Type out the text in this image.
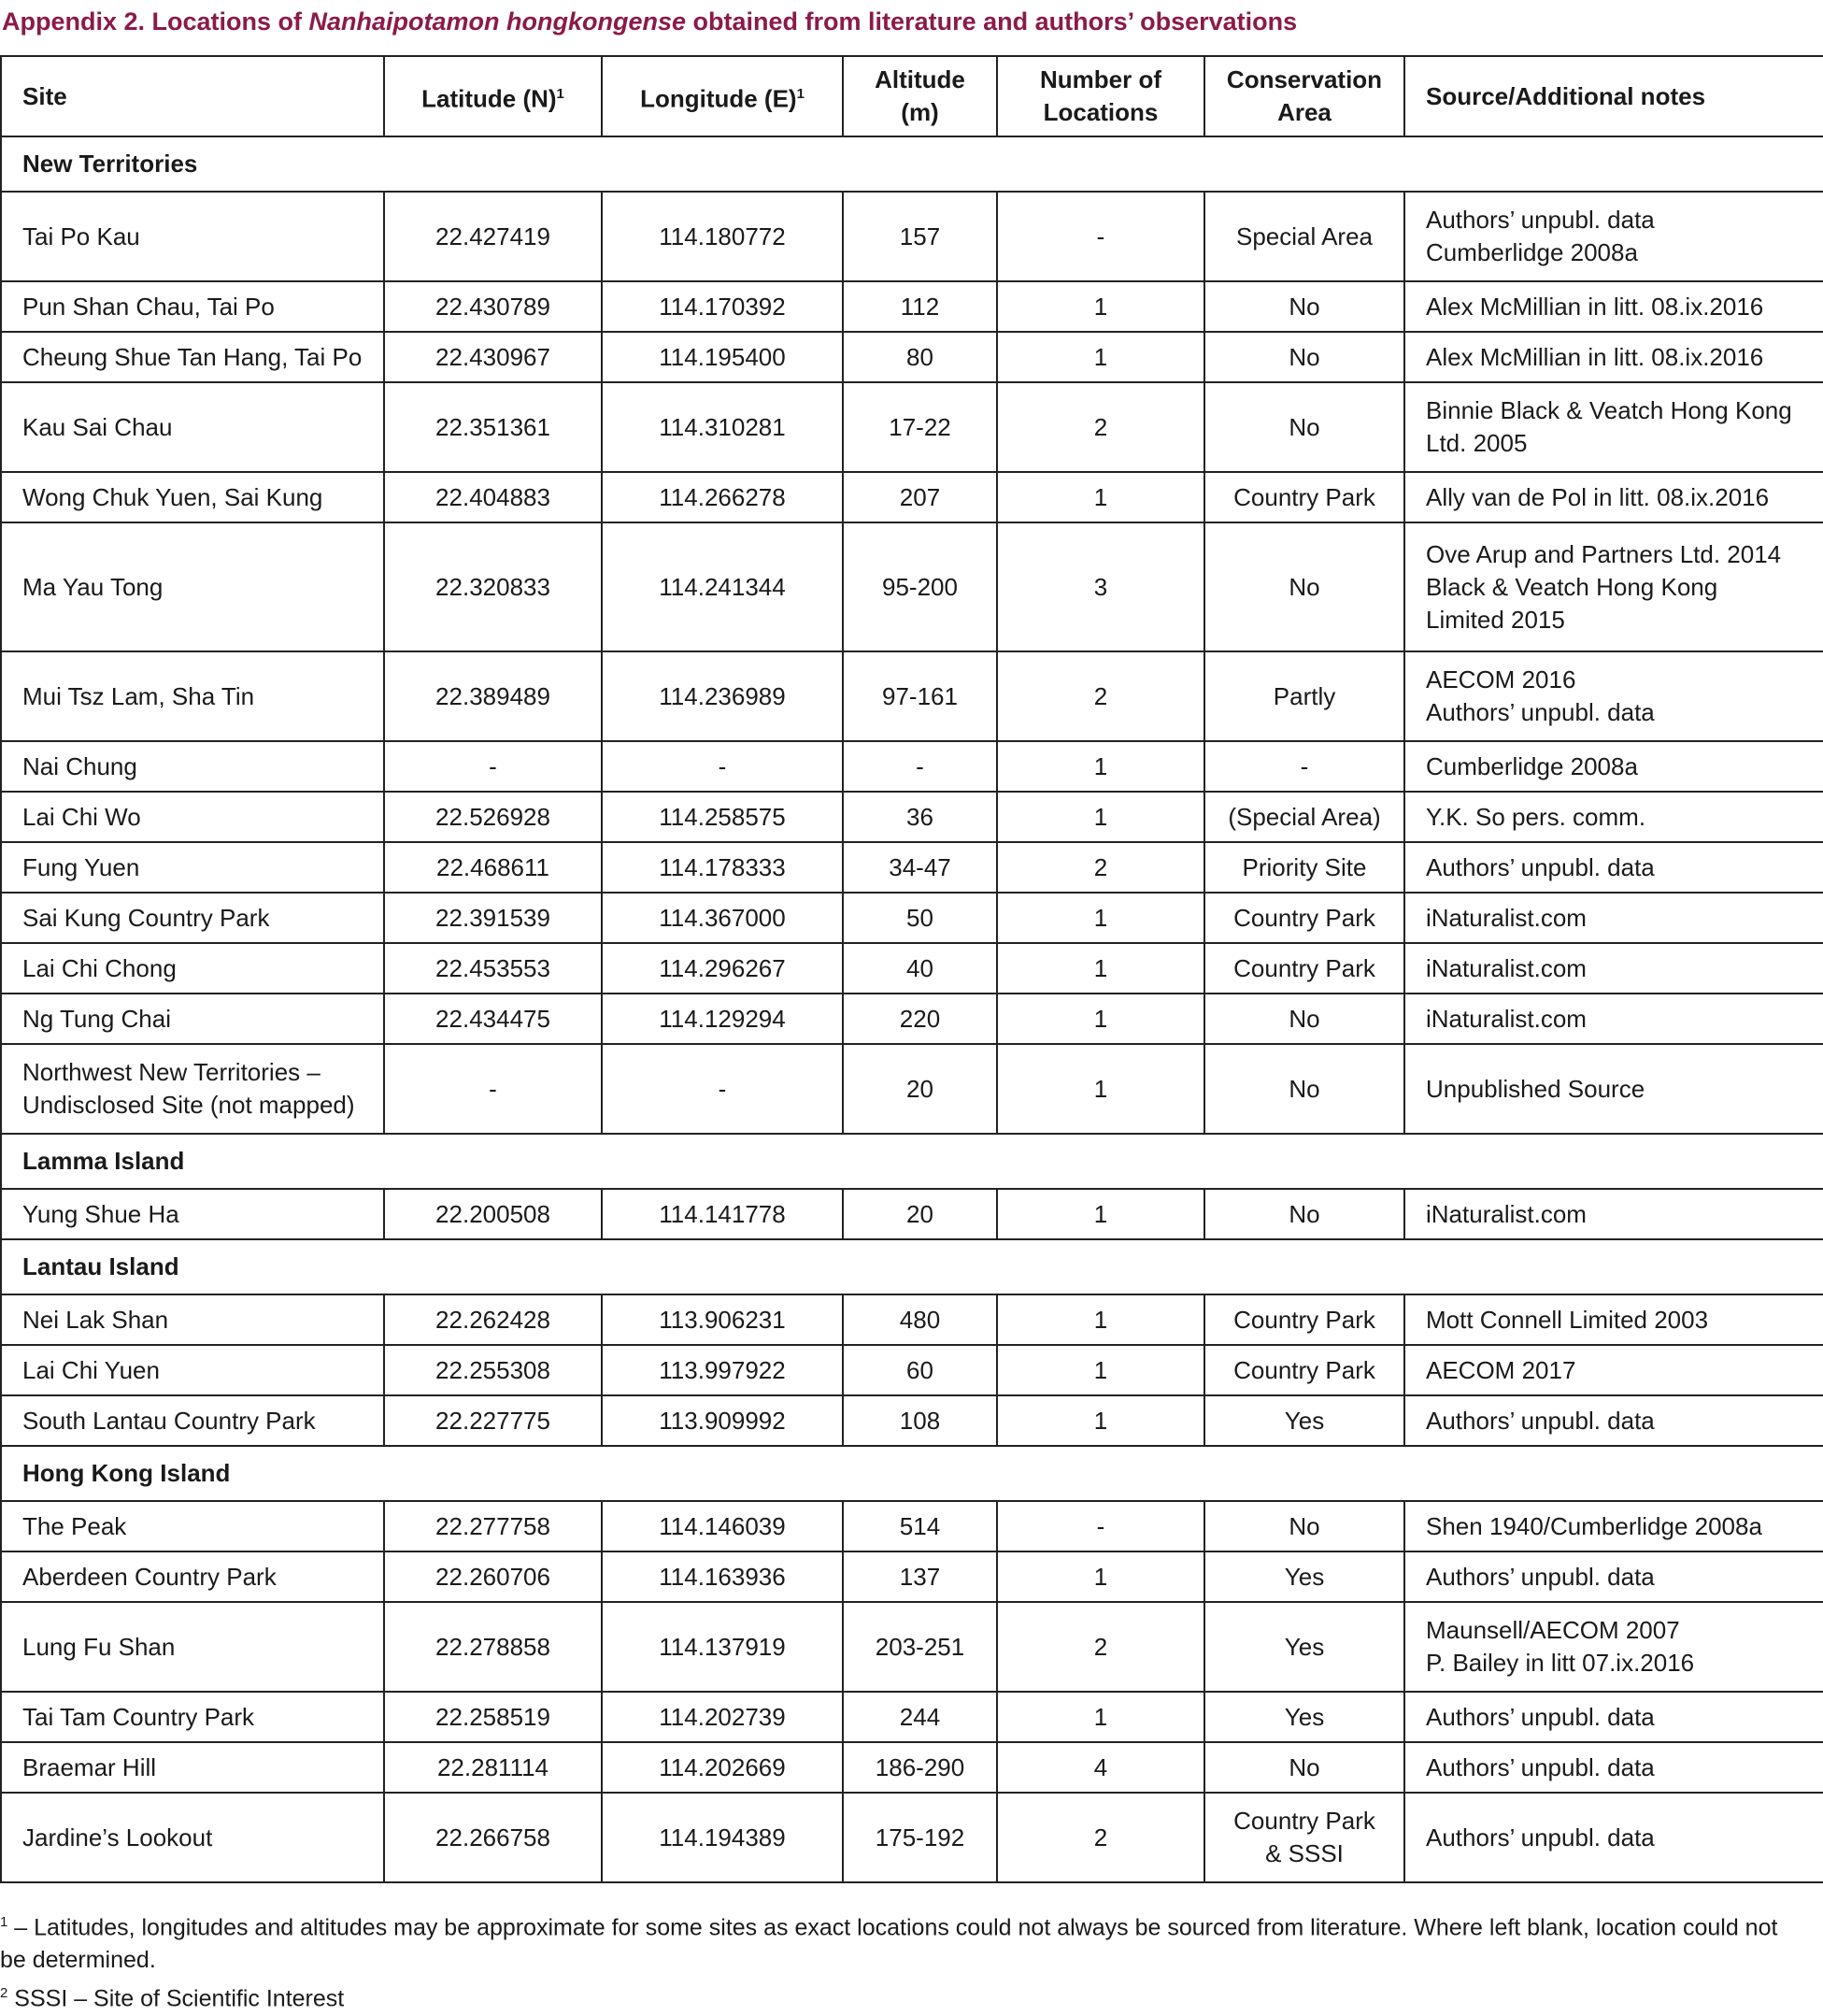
Appendix 2. Locations of Nanhaipotamon hongkongense obtained from literature and authors’ observations
Site	Latitude $(N)^1$	Longitude $(E)^1$	Altitude (m)	Number of Locations	Conservation Area	Source/Additional notes
New Territories						
Tai Po Kau	22.427419	114.180772	157	-	Special Area	Authors’ unpubl. data
Cumberlidge 2008a

Pun Shan Chau, Tai Po	22.430789	114.170392	112	1	No	Alex McMillian in litt. 08.ix.2016

Cheung Shue Tan Hang, Tai Po	22.430967	114.195400	80	1	No	Alex McMillian in litt. 08.ix.2016

Kau Sai Chau	22.351361	114.310281	17-22	2	No	Binnie Black & Veatch Hong Kong Ltd. 2005

Wong Chuk Yuen, Sai Kung	22.404883	114.266278	207	1	Country Park	Ally van de Pol in litt. 08.ix.2016

Ma Yau Tong	22.320833	114.241344	95-200	3	No	Ove Arup and Partners Ltd. 2014
Black & Veatch Hong Kong Limited 2015

Mui Tsz Lam, Sha Tin	22.389489	114.236989	97-161	2	Partly	AECOM 2016
Authors’ unpubl. data

Nai Chung	-	-	-	1	-	Cumberlidge 2008a

Lai Chi Wo	22.526928	114.258575	36	1	(Special Area)	Y.K. So pers. comm.

Fung Yuen	22.468611	114.178333	34-47	2	Priority Site	Authors’ unpubl. data

Sai Kung Country Park	22.391539	114.367000	50	1	Country Park	iNaturalist.com

Lai Chi Chong	22.453553	114.296267	40	1	Country Park	iNaturalist.com

Ng Tung Chai	22.434475	114.129294	220	1	No	iNaturalist.com

Northwest New Territories – Undisclosed Site (not mapped)	-	-	20	1	No	Unpublished Source

Lamma Island						
Yung Shue Ha	22.200508	114.141778	20	1	No	iNaturalist.com

Lantau Island						
Nei Lak Shan	22.262428	113.906231	480	1	Country Park	Mott Connell Limited 2003

Lai Chi Yuen	22.255308	113.997922	60	1	Country Park	AECOM 2017

South Lantau Country Park	22.227775	113.909992	108	1	Yes	Authors’ unpubl. data

Hong Kong Island						
The Peak	22.277758	114.146039	514	-	No	Shen 1940/Cumberlidge 2008a

Aberdeen Country Park	22.260706	114.163936	137	1	Yes	Authors’ unpubl. data

Lung Fu Shan	22.278858	114.137919	203-251	2	Yes	Maunsell/AECOM 2007
P. Bailey in litt 07.ix.2016

Tai Tam Country Park	22.258519	114.202739	244	1	Yes	Authors’ unpubl. data

Braemar Hill	22.281114	114.202669	186-290	4	No	Authors’ unpubl. data

Jardine’s Lookout	22.266758	114.194389	175-192	2	Country Park & SSSI	Authors’ unpubl. data
$^1$ – Latitudes, longitudes and altitudes may be approximate for some sites as exact locations could not always be sourced from literature. Where left blank, location could not be determined.
$^2$ SSSI – Site of Scientific Interest
